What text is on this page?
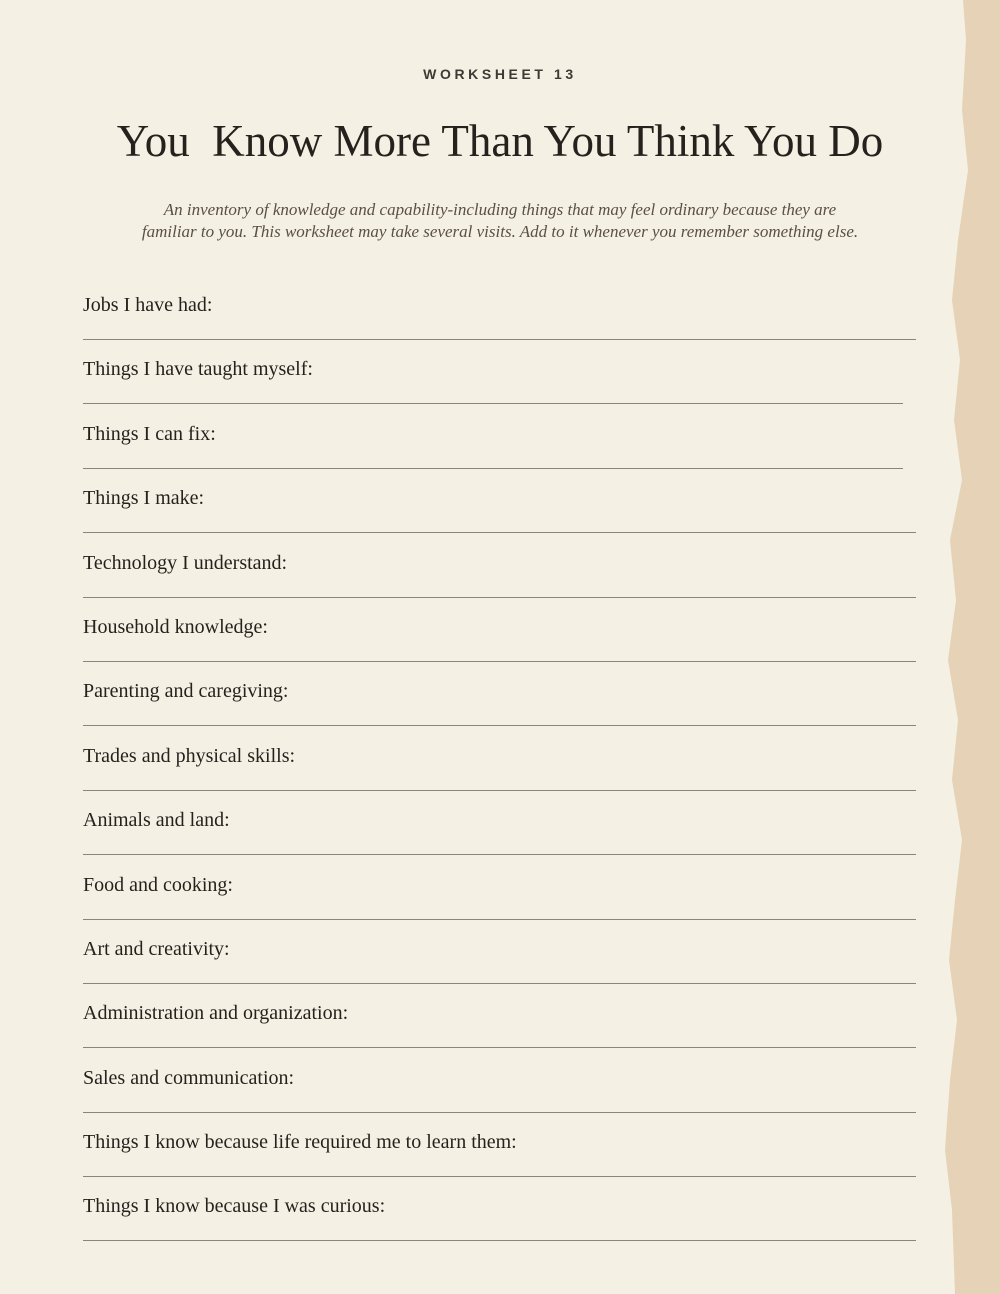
WORKSHEET 13
You  Know More Than You Think You Do
An inventory of knowledge and capability-including things that may feel ordinary because they are familiar to you. This worksheet may take several visits. Add to it whenever you remember something else.
Jobs I have had:
Things I have taught myself:
Things I can fix:
Things I make:
Technology I understand:
Household knowledge:
Parenting and caregiving:
Trades and physical skills:
Animals and land:
Food and cooking:
Art and creativity:
Administration and organization:
Sales and communication:
Things I know because life required me to learn them:
Things I know because I was curious:
